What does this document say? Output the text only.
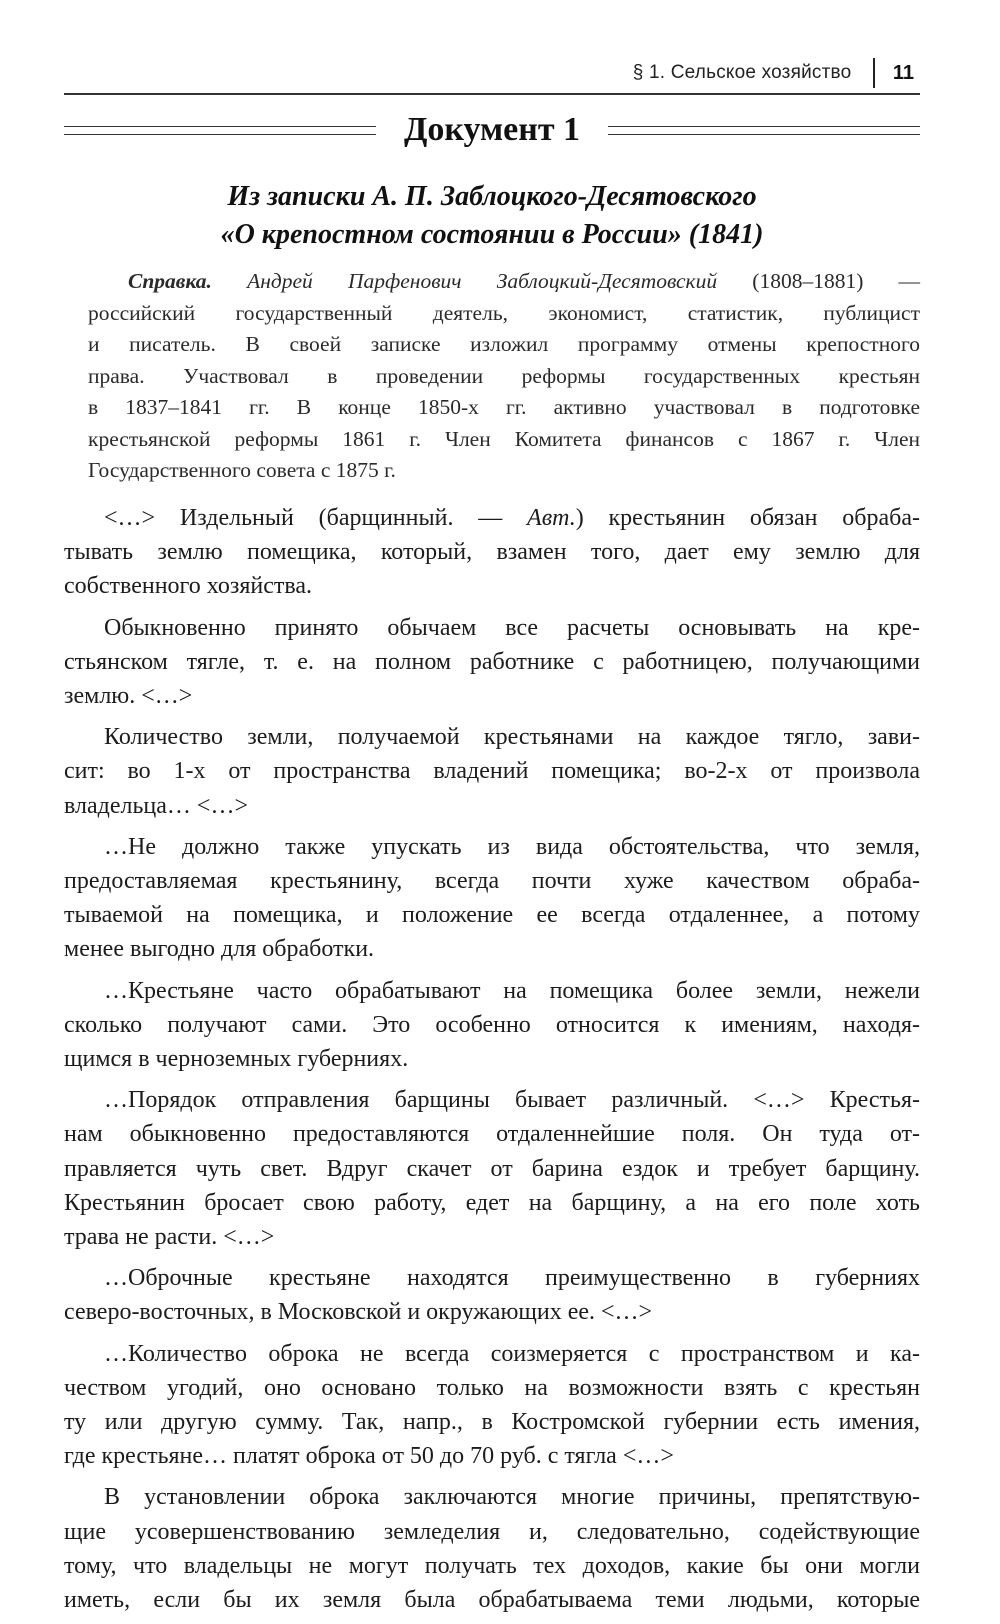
§ 1. Сельское хозяйство 11
Документ 1
Из записки А. П. Заблоцкого-Десятовского
«О крепостном состоянии в России» (1841)
Справка. Андрей Парфенович Заблоцкий-Десятовский (1808–1881) —
российский государственный деятель, экономист, статистик, публицист
и писатель. В своей записке изложил программу отмены крепостного
права. Участвовал в проведении реформы государственных крестьян
в 1837–1841 гг. В конце 1850-х гг. активно участвовал в подготовке
крестьянской реформы 1861 г. Член Комитета финансов с 1867 г. Член
Государственного совета с 1875 г.
<…> Издельный (барщинный. — Авт.) крестьянин обязан обраба-
тывать землю помещика, который, взамен того, дает ему землю для
собственного хозяйства.
Обыкновенно принято обычаем все расчеты основывать на кре-
стьянском тягле, т. е. на полном работнике с работницею, получающими
землю. <…>
Количество земли, получаемой крестьянами на каждое тягло, зави-
сит: во 1-х от пространства владений помещика; во-2-х от произвола
владельца… <…>
…Не должно также упускать из вида обстоятельства, что земля,
предоставляемая крестьянину, всегда почти хуже качеством обраба-
тываемой на помещика, и положение ее всегда отдаленнее, а потому
менее выгодно для обработки.
…Крестьяне часто обрабатывают на помещика более земли, нежели
сколько получают сами. Это особенно относится к имениям, находя-
щимся в черноземных губерниях.
…Порядок отправления барщины бывает различный. <…> Крестья-
нам обыкновенно предоставляются отдаленнейшие поля. Он туда от-
правляется чуть свет. Вдруг скачет от барина ездок и требует барщину.
Крестьянин бросает свою работу, едет на барщину, а на его поле хоть
трава не расти. <…>
…Оброчные крестьяне находятся преимущественно в губерниях
северо-восточных, в Московской и окружающих ее. <…>
…Количество оброка не всегда соизмеряется с пространством и ка-
чеством угодий, оно основано только на возможности взять с крестьян
ту или другую сумму. Так, напр., в Костромской губернии есть имения,
где крестьяне… платят оброка от 50 до 70 руб. с тягла <…>
В установлении оброка заключаются многие причины, препятствую-
щие усовершенствованию земледелия и, следовательно, содействующие
тому, что владельцы не могут получать тех доходов, какие бы они могли
иметь, если бы их земля была обрабатываема теми людьми, которые
